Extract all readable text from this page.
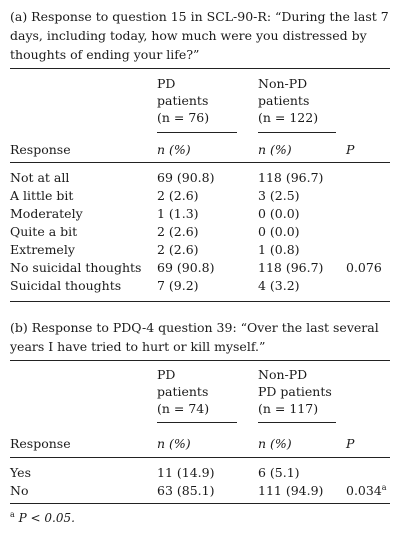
(a) Response to question 15 in SCL-90-R: “During the last 7 days, including today, how much were you distressed by thoughts of ending your life?”
PD
patients
(n = 76)
Non-PD
patients
(n = 122)
Response	n (%)	n (%)	P
Not at all	69 (90.8)	118 (96.7)
A little bit	2 (2.6)	3 (2.5)
Moderately	1 (1.3)	0 (0.0)
Quite a bit	2 (2.6)	0 (0.0)
Extremely	2 (2.6)	1 (0.8)
No suicidal thoughts 69 (90.8)	118 (96.7) 0.076
Suicidal thoughts	7 (9.2)	4 (3.2)
(b) Response to PDQ-4 question 39: “Over the last several years I have tried to hurt or kill myself.”
PD
patients
(n = 74)
Non-PD
PD patients
(n = 117)
Response	n (%)	n (%)	P
Yes	11 (14.9)	6 (5.1)
No	63 (85.1)	111 (94.9) 0.034$^a$
$^a$ P < 0.05.
